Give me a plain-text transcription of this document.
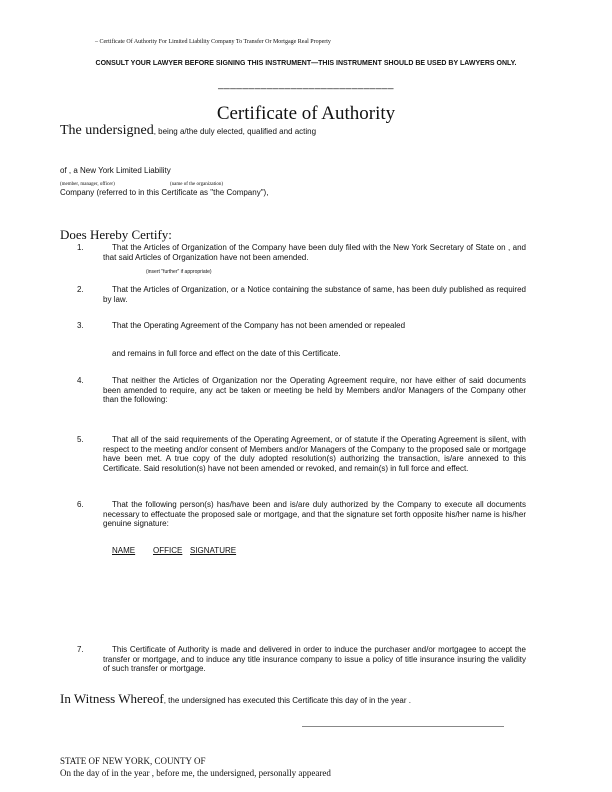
– Certificate Of Authority For Limited Liability Company To Transfer Or Mortgage Real Property
CONSULT YOUR LAWYER BEFORE SIGNING THIS INSTRUMENT—THIS INSTRUMENT SHOULD BE USED BY LAWYERS ONLY.
_____________________________
Certificate of Authority
The undersigned, being a/the duly elected, qualified and acting
of , a New York Limited Liability
(member, manager, officer)	(name of the organization)
Company (referred to in this Certificate as "the Company"),
Does Hereby Certify:
1.	That the Articles of Organization of the Company have been duly filed with the New York Secretary of State on , and that said Articles of Organization have not been amended.
(insert "further" if appropriate)
2.	That the Articles of Organization, or a Notice containing the substance of same, has been duly published as required by law.
3.	That the Operating Agreement of the Company has not been amended or repealed
and remains in full force and effect on the date of this Certificate.
4.	That neither the Articles of Organization nor the Operating Agreement require, nor have either of said documents been amended to require, any act be taken or meeting be held by Members and/or Managers of the Company other than the following:
5.	That all of the said requirements of the Operating Agreement, or of statute if the Operating Agreement is silent, with respect to the meeting and/or consent of Members and/or Managers of the Company to the proposed sale or mortgage have been met. A true copy of the duly adopted resolution(s) authorizing the transaction, is/are annexed to this Certificate. Said resolution(s) have not been amended or revoked, and remain(s) in full force and effect.
6.	That the following person(s) has/have been and is/are duly authorized by the Company to execute all documents necessary to effectuate the proposed sale or mortgage, and that the signature set forth opposite his/her name is his/her genuine signature:
NAME OFFICE SIGNATURE
7.	This Certificate of Authority is made and delivered in order to induce the purchaser and/or mortgagee to accept the transfer or mortgage, and to induce any title insurance company to issue a policy of title insurance insuring the validity of such transfer or mortgage.
In Witness Whereof, the undersigned has executed this Certificate this day of in the year .
STATE OF NEW YORK, COUNTY OF
On the day of in the year , before me, the undersigned, personally appeared
